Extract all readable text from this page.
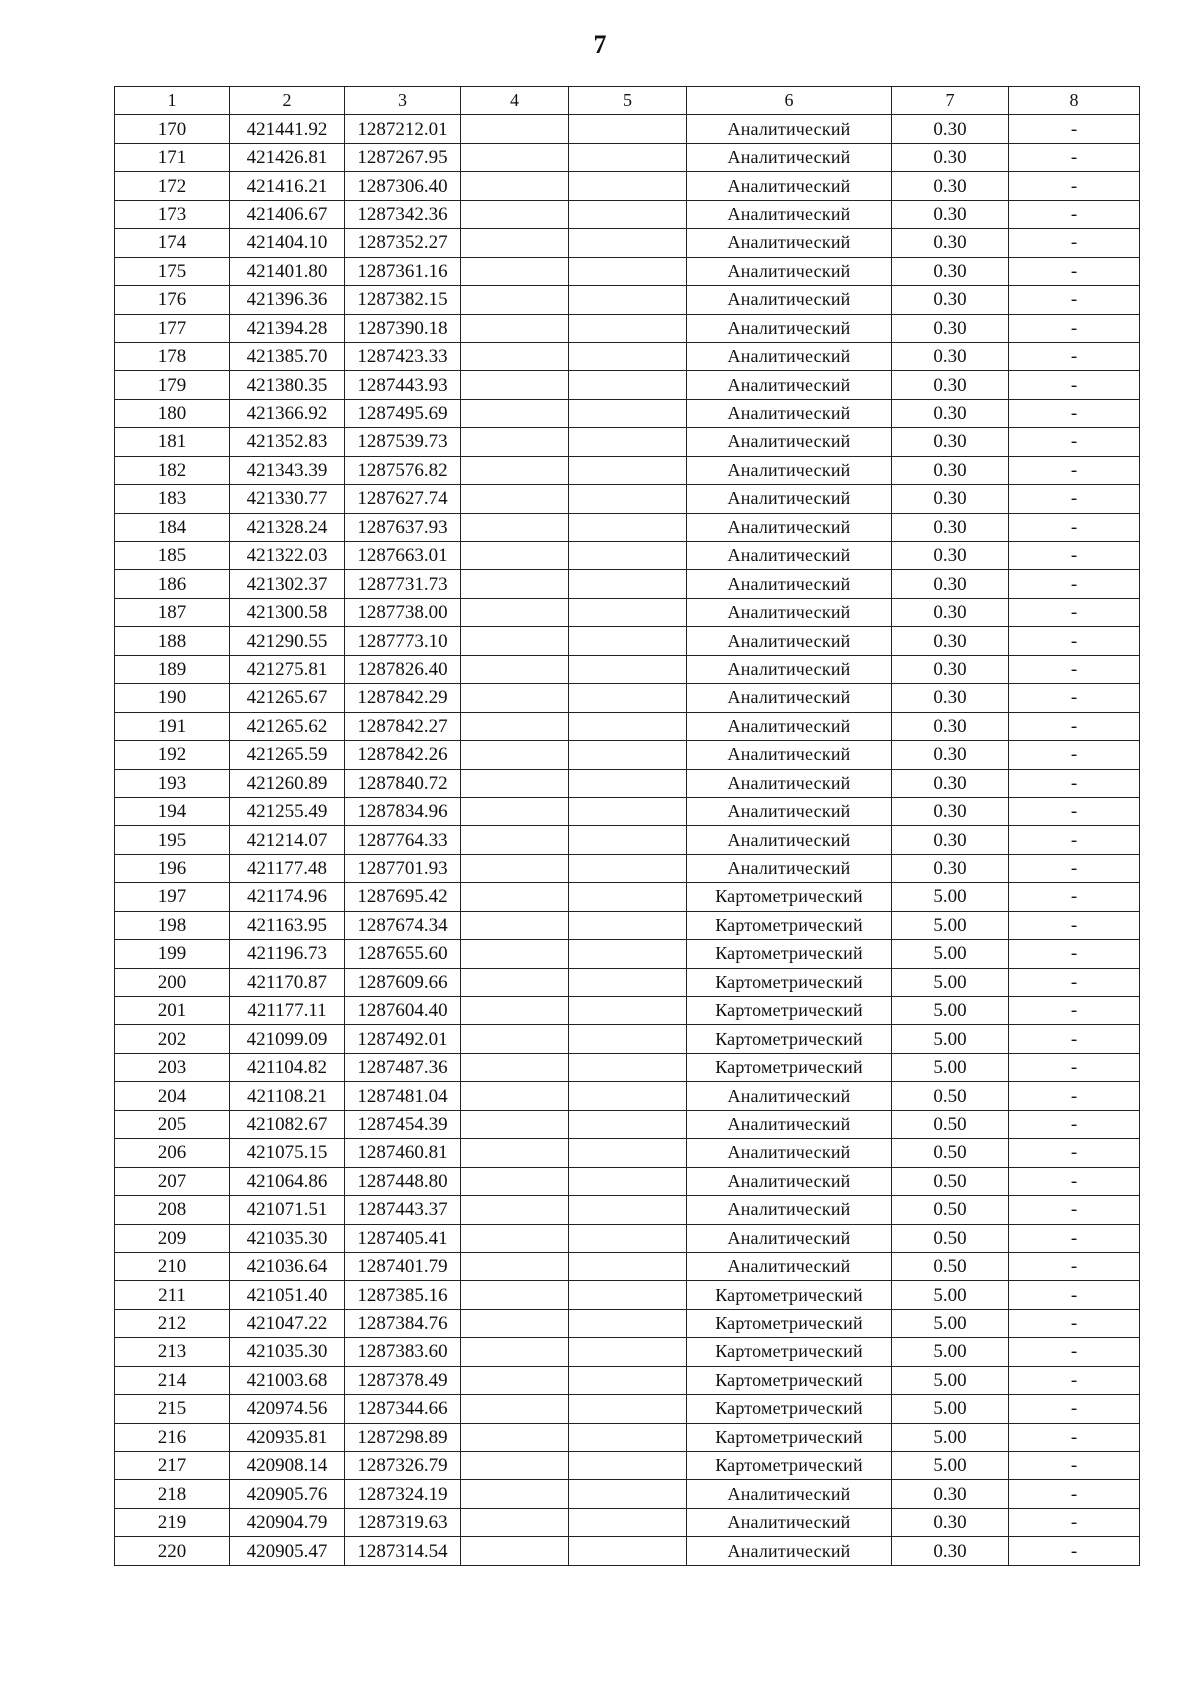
7
1	2	3	4	5	6	7	8
170	421441.92	1287212.01			Аналитический	0.30	-
171	421426.81	1287267.95			Аналитический	0.30	-
172	421416.21	1287306.40			Аналитический	0.30	-
173	421406.67	1287342.36			Аналитический	0.30	-
174	421404.10	1287352.27			Аналитический	0.30	-
175	421401.80	1287361.16			Аналитический	0.30	-
176	421396.36	1287382.15			Аналитический	0.30	-
177	421394.28	1287390.18			Аналитический	0.30	-
178	421385.70	1287423.33			Аналитический	0.30	-
179	421380.35	1287443.93			Аналитический	0.30	-
180	421366.92	1287495.69			Аналитический	0.30	-
181	421352.83	1287539.73			Аналитический	0.30	-
182	421343.39	1287576.82			Аналитический	0.30	-
183	421330.77	1287627.74			Аналитический	0.30	-
184	421328.24	1287637.93			Аналитический	0.30	-
185	421322.03	1287663.01			Аналитический	0.30	-
186	421302.37	1287731.73			Аналитический	0.30	-
187	421300.58	1287738.00			Аналитический	0.30	-
188	421290.55	1287773.10			Аналитический	0.30	-
189	421275.81	1287826.40			Аналитический	0.30	-
190	421265.67	1287842.29			Аналитический	0.30	-
191	421265.62	1287842.27			Аналитический	0.30	-
192	421265.59	1287842.26			Аналитический	0.30	-
193	421260.89	1287840.72			Аналитический	0.30	-
194	421255.49	1287834.96			Аналитический	0.30	-
195	421214.07	1287764.33			Аналитический	0.30	-
196	421177.48	1287701.93			Аналитический	0.30	-
197	421174.96	1287695.42			Картометрический	5.00	-
198	421163.95	1287674.34			Картометрический	5.00	-
199	421196.73	1287655.60			Картометрический	5.00	-
200	421170.87	1287609.66			Картометрический	5.00	-
201	421177.11	1287604.40			Картометрический	5.00	-
202	421099.09	1287492.01			Картометрический	5.00	-
203	421104.82	1287487.36			Картометрический	5.00	-
204	421108.21	1287481.04			Аналитический	0.50	-
205	421082.67	1287454.39			Аналитический	0.50	-
206	421075.15	1287460.81			Аналитический	0.50	-
207	421064.86	1287448.80			Аналитический	0.50	-
208	421071.51	1287443.37			Аналитический	0.50	-
209	421035.30	1287405.41			Аналитический	0.50	-
210	421036.64	1287401.79			Аналитический	0.50	-
211	421051.40	1287385.16			Картометрический	5.00	-
212	421047.22	1287384.76			Картометрический	5.00	-
213	421035.30	1287383.60			Картометрический	5.00	-
214	421003.68	1287378.49			Картометрический	5.00	-
215	420974.56	1287344.66			Картометрический	5.00	-
216	420935.81	1287298.89			Картометрический	5.00	-
217	420908.14	1287326.79			Картометрический	5.00	-
218	420905.76	1287324.19			Аналитический	0.30	-
219	420904.79	1287319.63			Аналитический	0.30	-
220	420905.47	1287314.54			Аналитический	0.30	-
